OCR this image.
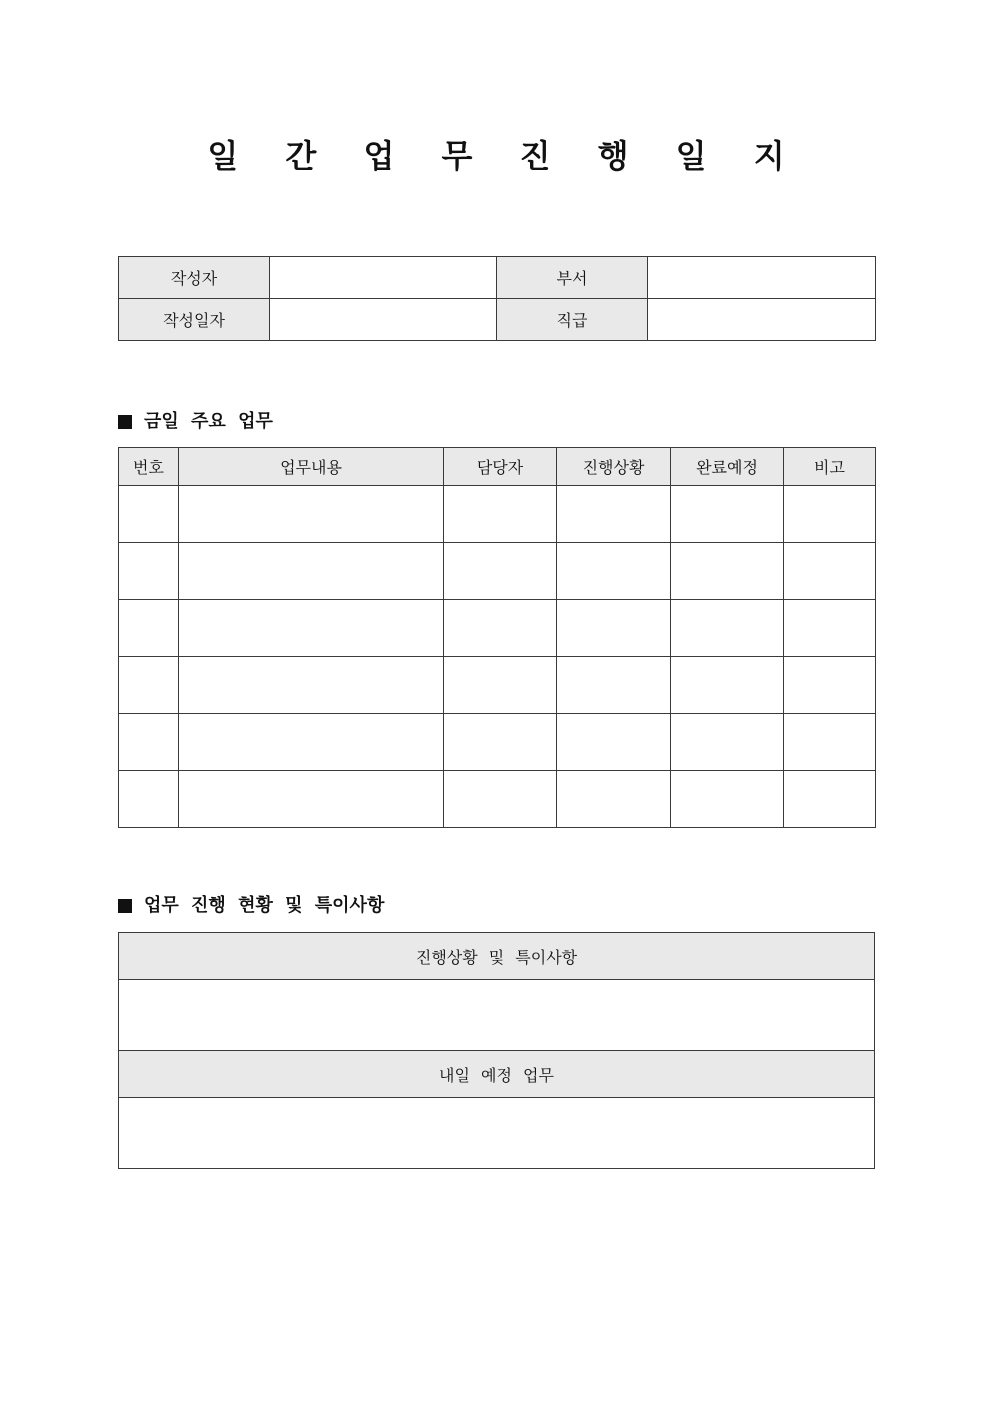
일 간 업 무 진 행 일 지
작성자		부서	
작성일자		직급	
금일 주요 업무
번호	업무내용	담당자	진행상황	완료예정	비고

업무 진행 현황 및 특이사항
진행상황 및 특이사항

내일 예정 업무
